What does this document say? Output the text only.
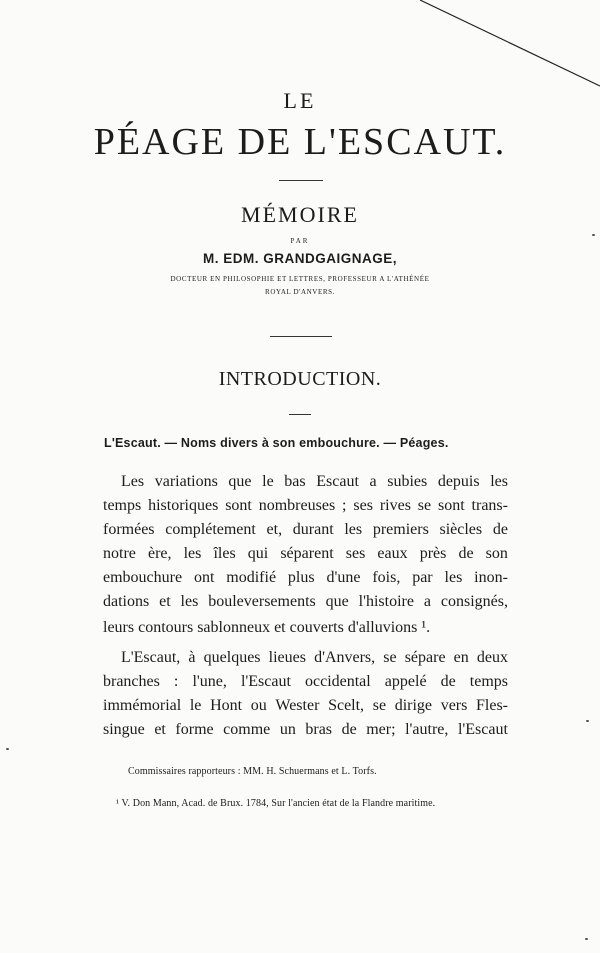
LE
PÉAGE DE L'ESCAUT.
MÉMOIRE
PAR
M. EDM. GRANDGAIGNAGE,
DOCTEUR EN PHILOSOPHIE ET LETTRES, PROFESSEUR A L'ATHÉNÉE
ROYAL D'ANVERS.
INTRODUCTION.
L'Escaut. — Noms divers à son embouchure. — Péages.
Les variations que le bas Escaut a subies depuis les
temps historiques sont nombreuses ; ses rives se sont trans-
formées complétement et, durant les premiers siècles de
notre ère, les îles qui séparent ses eaux près de son
embouchure ont modifié plus d'une fois, par les inon-
dations et les bouleversements que l'histoire a consignés,
leurs contours sablonneux et couverts d'alluvions ¹.
L'Escaut, à quelques lieues d'Anvers, se sépare en deux
branches : l'une, l'Escaut occidental appelé de temps
immémorial le Hont ou Wester Scelt, se dirige vers Fles-
singue et forme comme un bras de mer; l'autre, l'Escaut
Commissaires rapporteurs : MM. H. Schuermans et L. Torfs.
¹ V. Don Mann, Acad. de Brux. 1784, Sur l'ancien état de la Flandre maritime.
